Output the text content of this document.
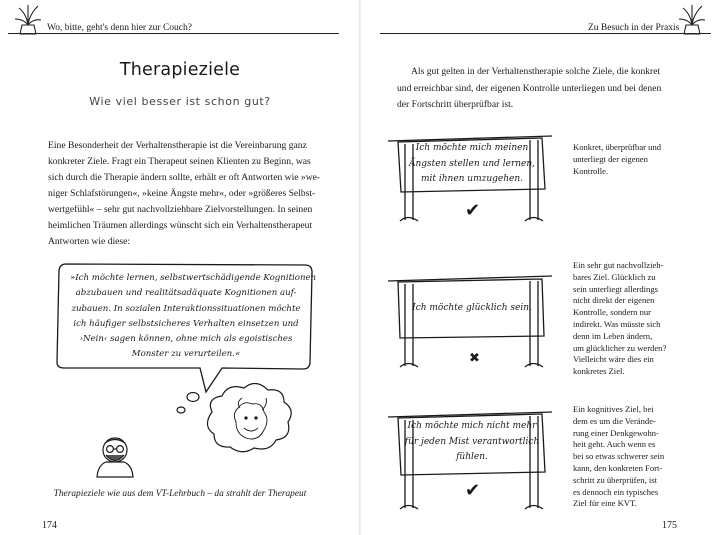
Wo, bitte, geht's denn hier zur Couch?	Zu Besuch in der Praxis
Therapieziele
Wie viel besser ist schon gut?
Eine Besonderheit der Verhaltenstherapie ist die Vereinbarung ganz
konkreter Ziele. Fragt ein Therapeut seinen Klienten zu Beginn, was
sich durch die Therapie ändern sollte, erhält er oft Antworten wie »we-
niger Schlafstörungen«, »keine Ängste mehr«, oder »größeres Selbst-
wertgefühl« – sehr gut nachvollziehbare Zielvorstellungen. In seinen
heimlichen Träumen allerdings wünscht sich ein Verhaltenstherapeut
Antworten wie diese:
»Ich möchte lernen, selbstwertschädigende Kognitionen
abzubauen und realitätsadäquate Kognitionen auf-
zubauen. In sozialen Interaktionssituationen möchte
ich häufiger selbstsicheres Verhalten einsetzen und
›Nein‹ sagen können, ohne mich als egoistisches
Monster zu verurteilen.«
Therapieziele wie aus dem VT-Lehrbuch – da strahlt der Therapeut
174
Als gut gelten in der Verhaltenstherapie solche Ziele, die konkret
und erreichbar sind, der eigenen Kontrolle unterliegen und bei denen
der Fortschritt überprüfbar ist.
Ich möchte mich meinen
Ängsten stellen und lernen,
mit ihnen umzugehen.
Ich möchte glücklich sein.
Ich möchte mich nicht mehr
für jeden Mist verantwortlich
fühlen.
✔
✖
✔
Konkret, überprüfbar und
unterliegt der eigenen
Kontrolle.
Ein sehr gut nachvollzieh-
bares Ziel. Glücklich zu
sein unterliegt allerdings
nicht direkt der eigenen
Kontrolle, sondern nur
indirekt. Was müsste sich
denn im Leben ändern,
um glücklicher zu werden?
Vielleicht wäre dies ein
konkretes Ziel.
Ein kognitives Ziel, bei
dem es um die Verände-
rung einer Denkgewohn-
heit geht. Auch wenn es
bei so etwas schwerer sein
kann, den konkreten Fort-
schritt zu überprüfen, ist
es dennoch ein typisches
Ziel für eine KVT.
175
